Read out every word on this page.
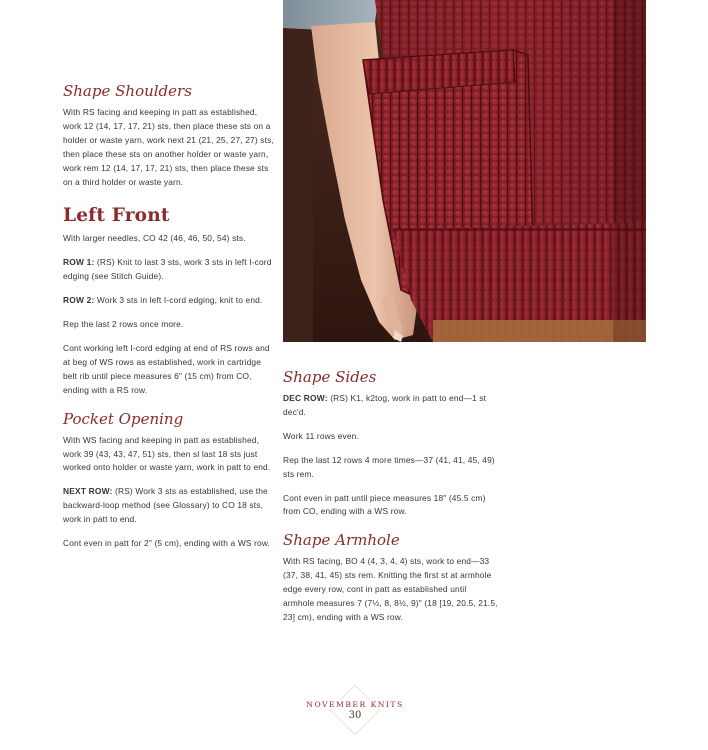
Shape Shoulders

With RS facing and keeping in patt as established, work 12 (14, 17, 17, 21) sts, then place these sts on a holder or waste yarn, work next 21 (21, 25, 27, 27) sts, then place these sts on another holder or waste yarn, work rem 12 (14, 17, 17, 21) sts, then place these sts on a third holder or waste yarn.

Left Front

With larger needles, CO 42 (46, 46, 50, 54) sts.

ROW 1: (RS) Knit to last 3 sts, work 3 sts in left I-cord edging (see Stitch Guide).

ROW 2: Work 3 sts in left I-cord edging, knit to end.

Rep the last 2 rows once more.

Cont working left I-cord edging at end of RS rows and at beg of WS rows as established, work in cartridge belt rib until piece measures 6" (15 cm) from CO, ending with a RS row.

Pocket Opening

With WS facing and keeping in patt as established, work 39 (43, 43, 47, 51) sts, then sl last 18 sts just worked onto holder or waste yarn, work in patt to end.

NEXT ROW: (RS) Work 3 sts as established, use the backward-loop method (see Glossary) to CO 18 sts, work in patt to end.

Cont even in patt for 2" (5 cm), ending with a WS row.

Shape Sides

DEC ROW: (RS) K1, k2tog, work in patt to end—1 st dec'd.

Work 11 rows even.

Rep the last 12 rows 4 more times—37 (41, 41, 45, 49) sts rem.

Cont even in patt until piece measures 18" (45.5 cm) from CO, ending with a WS row.

Shape Armhole

With RS facing, BO 4 (4, 3, 4, 4) sts, work to end—33 (37, 38, 41, 45) sts rem. Knitting the first st at armhole edge every row, cont in patt as established until armhole measures 7 (7½, 8, 8½, 9)" (18 [19, 20.5, 21.5, 23] cm), ending with a WS row.

NOVEMBER KNITS
30
